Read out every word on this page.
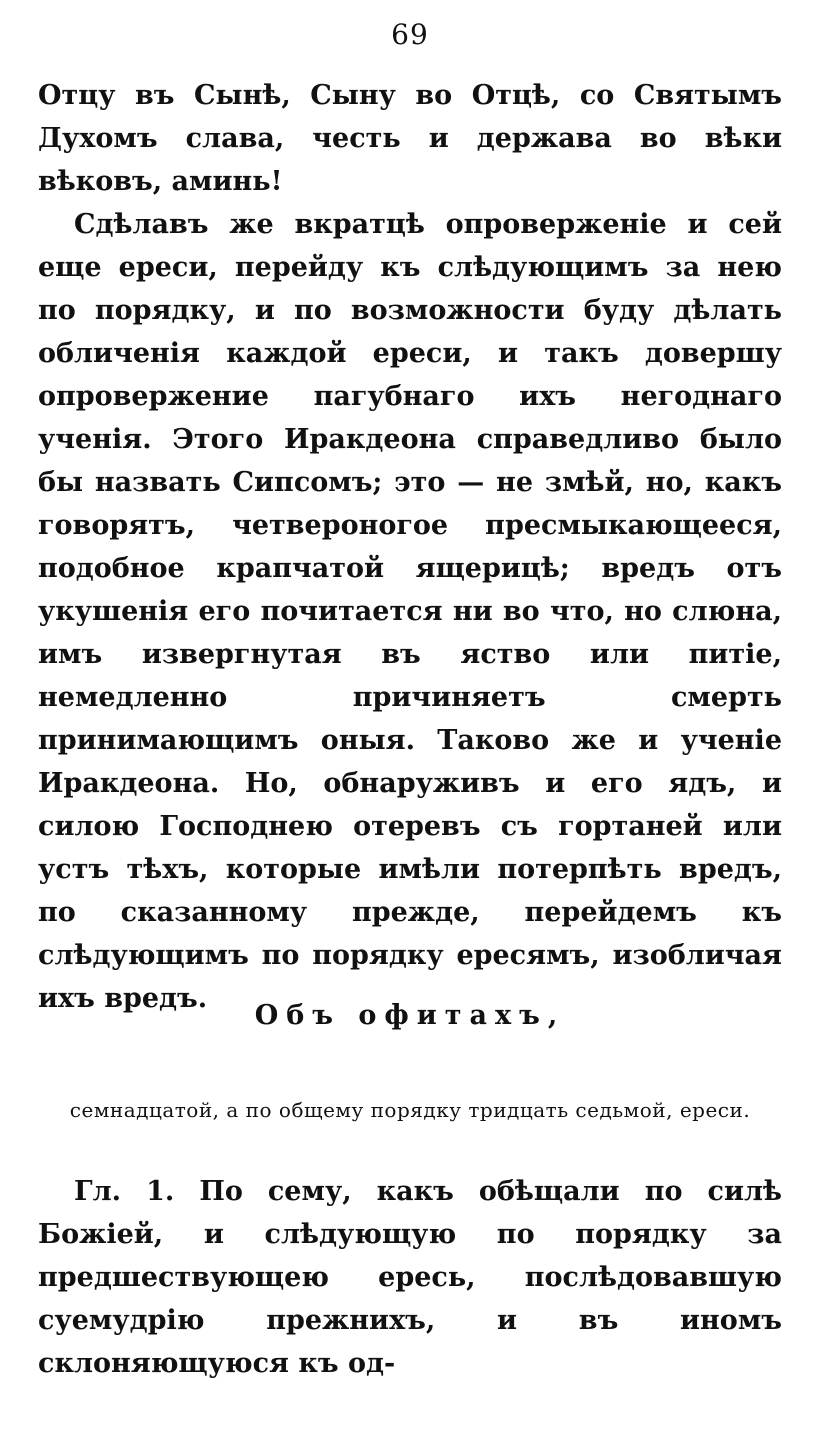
69

Отцу въ Сынѣ, Сыну во Отцѣ, со Святымъ Духомъ слава, честь и держава во вѣки вѣковъ, аминь!

Сдѣлавъ же вкратцѣ опроверженіе и сей еще ереси, перейду къ слѣдующимъ за нею по порядку, и по возможности буду дѣлать обличенія каждой ереси, и такъ довершу опровержение пагубнаго ихъ негоднаго ученія. Этого Иракдеона справедливо было бы назвать Сипсомъ; это — не змѣй, но, какъ говорятъ, четвероногое пресмыкающееся, подобное крапчатой ящерицѣ; вредъ отъ укушенія его почитается ни во что, но слюна, имъ извергнутая въ яство или питіе, немедленно причиняетъ смерть принимающимъ оныя. Таково же и ученіе Иракдеона. Но, обнаруживъ и его ядъ, и силою Господнею отеревъ съ гортаней или устъ тѣхъ, которые имѣли потерпѣть вредъ, по сказанному прежде, перейдемъ къ слѣдующимъ по порядку ересямъ, изобличая ихъ вредъ.

Объ офитахъ,
семнадцатой, а по общему порядку тридцать седьмой, ереси.

Гл. 1. По сему, какъ обѣщали по силѣ Божіей, и слѣдующую по порядку за предшествующею ересь, послѣдовавшую суемудрію прежнихъ, и въ иномъ склоняющуюся къ од-
